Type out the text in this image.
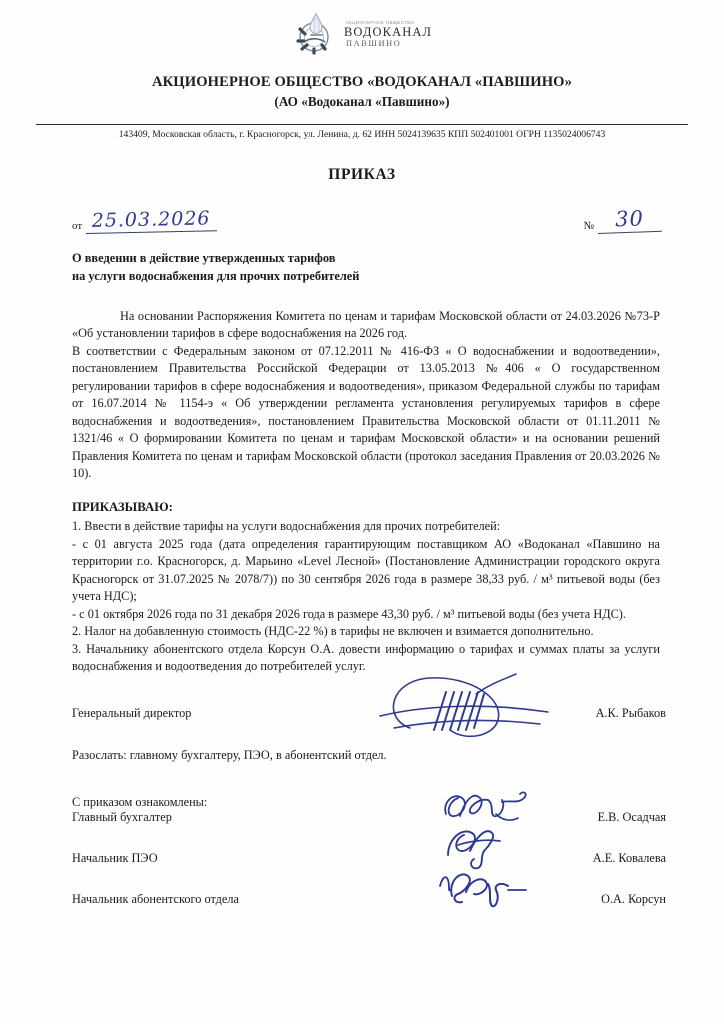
АКЦИОНЕРНОЕ ОБЩЕСТВО
ВОДОКАНАЛ
ПАВШИНО
АКЦИОНЕРНОЕ ОБЩЕСТВО «ВОДОКАНАЛ «ПАВШИНО»
(АО «Водоканал «Павшино»)
143409, Московская область, г. Красногорск, ул. Ленина, д. 62 ИНН 5024139635 КПП 502401001 ОГРН 1135024006743
ПРИКАЗ
от 25.03.2026	№ 30
О введении в действие утвержденных тарифов
на услуги водоснабжения для прочих потребителей

На основании Распоряжения Комитета по ценам и тарифам Московской области от 24.03.2026 №73-Р «Об установлении тарифов в сфере водоснабжения на 2026 год.

В соответствии с Федеральным законом от 07.12.2011 № 416-ФЗ « О водоснабжении и водоотведении», постановлением Правительства Российской Федерации от 13.05.2013 №406 « О государственном регулировании тарифов в сфере водоснабжения и водоотведения», приказом Федеральной службы по тарифам от 16.07.2014 № 1154-э « Об утверждении регламента установления регулируемых тарифов в сфере водоснабжения и водоотведения», постановлением Правительства Московской области от 01.11.2011 № 1321/46 « О формировании Комитета по ценам и тарифам Московской области» и на основании решений Правления Комитета по ценам и тарифам Московской области (протокол заседания Правления от 20.03.2026 № 10).

ПРИКАЗЫВАЮ:

1. Ввести в действие тарифы на услуги водоснабжения для прочих потребителей:

- с 01 августа 2025 года (дата определения гарантирующим поставщиком АО «Водоканал «Павшино на территории г.о. Красногорск, д. Марьино «Level Лесной» (Постановление Администрации городского округа Красногорск от 31.07.2025 № 2078/7)) по 30 сентября 2026 года в размере 38,33 руб. / м³ питьевой воды (без учета НДС);

- с 01 октября 2026 года по 31 декабря 2026 года в размере 43,30 руб. / м³ питьевой воды (без учета НДС).

2. Налог на добавленную стоимость (НДС-22 %) в тарифы не включен и взимается дополнительно.

3. Начальнику абонентского отдела Корсун О.А. довести информацию о тарифах и суммах платы за услуги водоснабжения и водоотведения до потребителей услуг.

Генеральный директор	А.К. Рыбаков
Разослать: главному бухгалтеру, ПЭО, в абонентский отдел.
С приказом ознакомлены:
Главный бухгалтер	Е.В. Осадчая
Начальник ПЭО	А.Е. Ковалева
Начальник абонентского отдела	О.А. Корсун
